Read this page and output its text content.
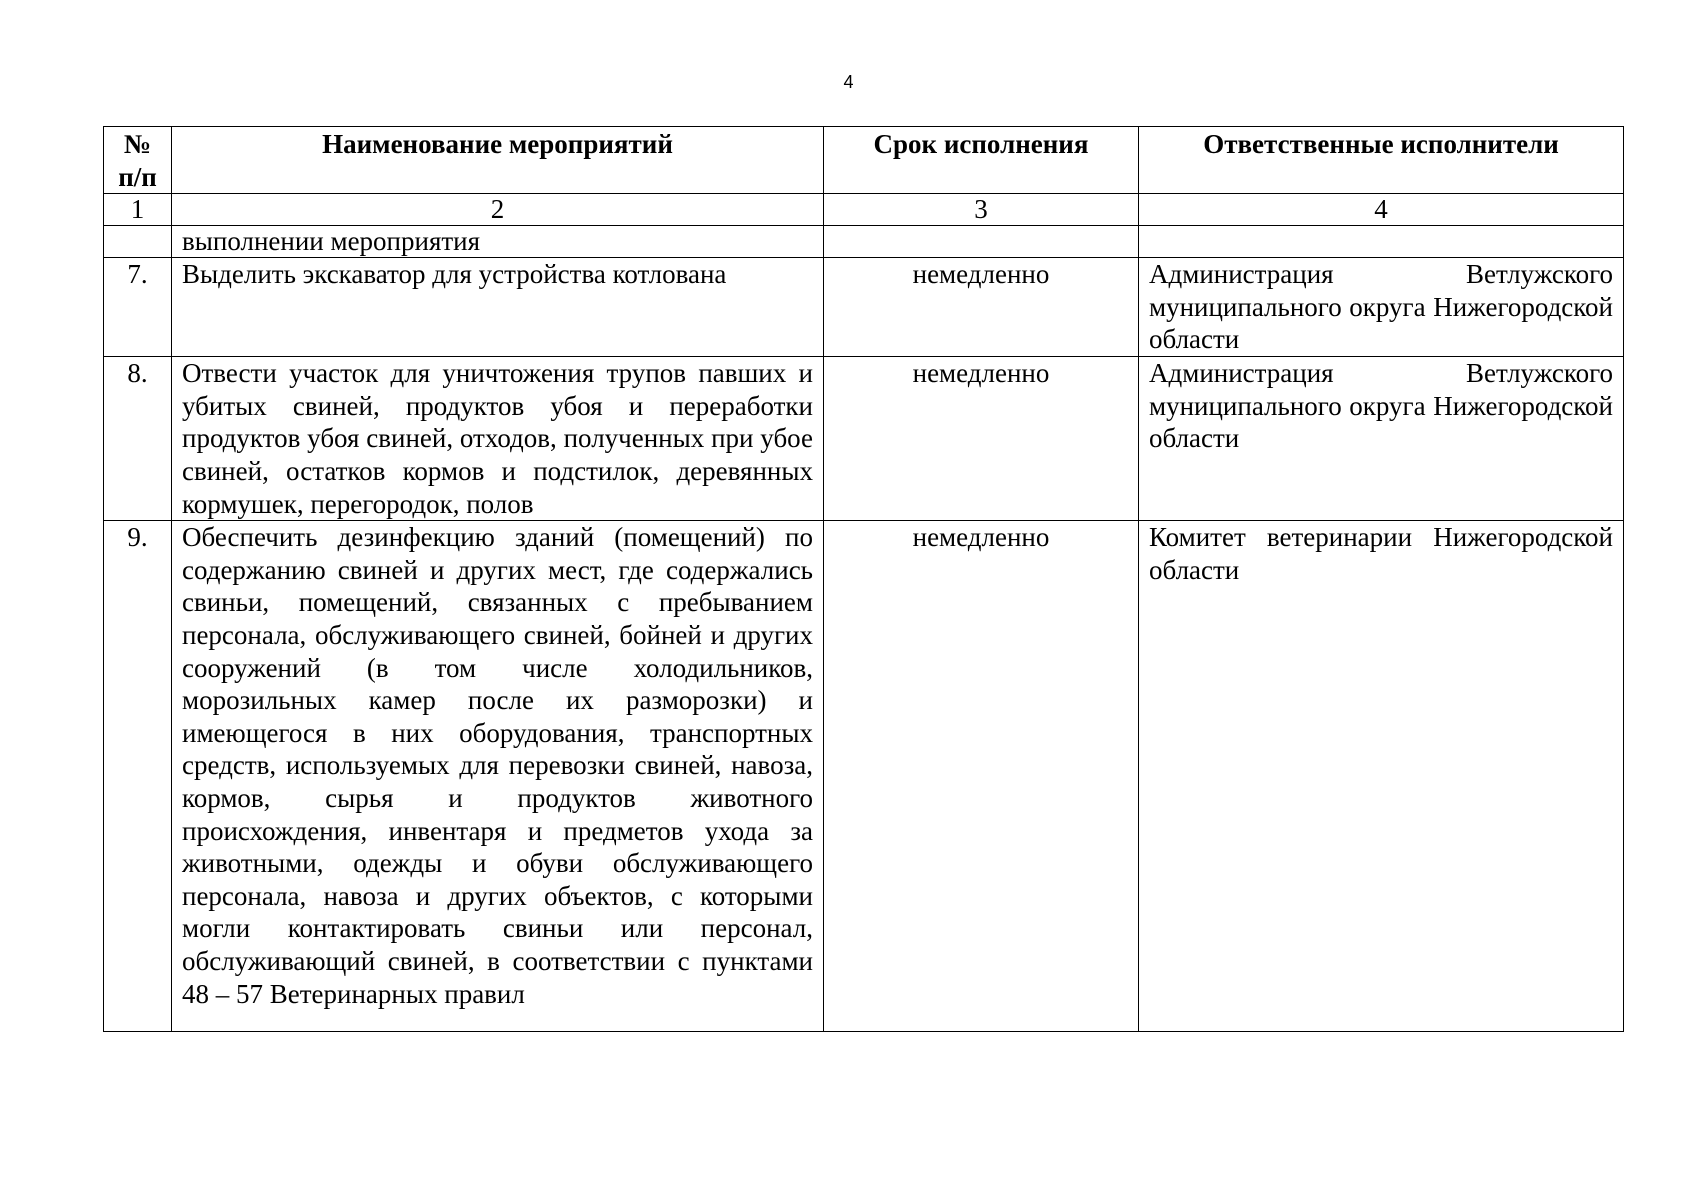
4
№ п/п	Наименование мероприятий	Срок исполнения	Ответственные исполнители
1	2	3	4
	выполнении мероприятия		
7.	Выделить экскаватор для устройства котлована	немедленно	Администрация Ветлужского муниципального округа Нижегородской области
8.	Отвести участок для уничтожения трупов павших и убитых свиней, продуктов убоя и переработки продуктов убоя свиней, отходов, полученных при убое свиней, остатков кормов и подстилок, деревянных кормушек, перегородок, полов	немедленно	Администрация Ветлужского муниципального округа Нижегородской области
9.	Обеспечить дезинфекцию зданий (помещений) по содержанию свиней и других мест, где содержались свиньи, помещений, связанных с пребыванием персонала, обслуживающего свиней, бойней и других сооружений (в том числе холодильников, морозильных камер после их разморозки) и имеющегося в них оборудования, транспортных средств, используемых для перевозки свиней, навоза, кормов, сырья и продуктов животного происхождения, инвентаря и предметов ухода за животными, одежды и обуви обслуживающего персонала, навоза и других объектов, с которыми могли контактировать свиньи или персонал, обслуживающий свиней, в соответствии с пунктами 48 – 57 Ветеринарных правил	немедленно	Комитет ветеринарии Нижегородской области
